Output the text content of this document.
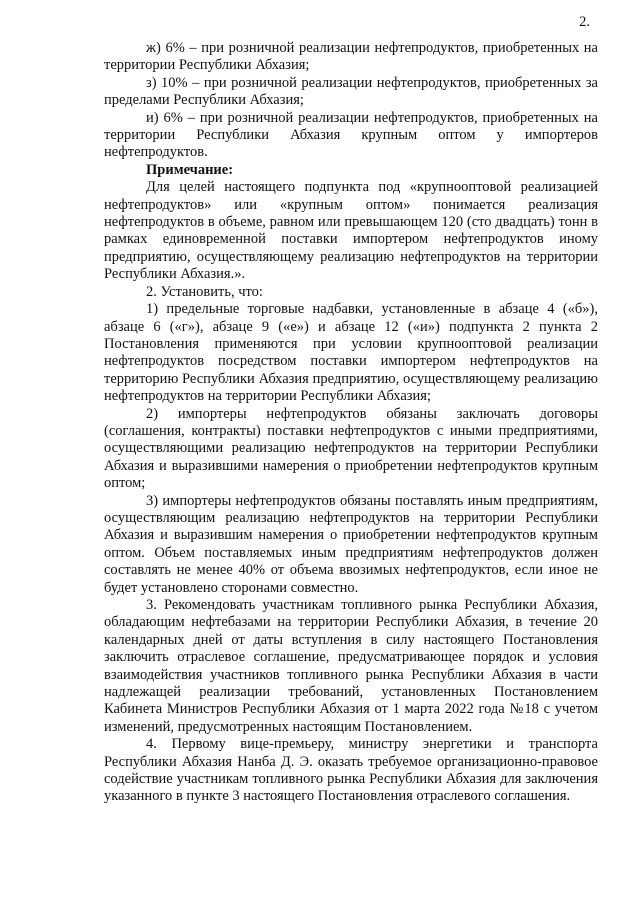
2.

ж) 6% – при розничной реализации нефтепродуктов, приобретенных на территории Республики Абхазия;

з) 10% – при розничной реализации нефтепродуктов, приобретенных за пределами Республики Абхазия;

и) 6% – при розничной реализации нефтепродуктов, приобретенных на территории Республики Абхазия крупным оптом у импортеров нефтепродуктов.

Примечание:

Для целей настоящего подпункта под «крупнооптовой реализацией нефтепродуктов» или «крупным оптом» понимается реализация нефтепродуктов в объеме, равном или превышающем 120 (сто двадцать) тонн в рамках единовременной поставки импортером нефтепродуктов иному предприятию, осуществляющему реализацию нефтепродуктов на территории Республики Абхазия.».

2. Установить, что:

1) предельные торговые надбавки, установленные в абзаце 4 («б»), абзаце 6 («г»), абзаце 9 («е») и абзаце 12 («и») подпункта 2 пункта 2 Постановления применяются при условии крупнооптовой реализации нефтепродуктов посредством поставки импортером нефтепродуктов на территорию Республики Абхазия предприятию, осуществляющему реализацию нефтепродуктов на территории Республики Абхазия;

2) импортеры нефтепродуктов обязаны заключать договоры (соглашения, контракты) поставки нефтепродуктов с иными предприятиями, осуществляющими реализацию нефтепродуктов на территории Республики Абхазия и выразившими намерения о приобретении нефтепродуктов крупным оптом;

3) импортеры нефтепродуктов обязаны поставлять иным предприятиям, осуществляющим реализацию нефтепродуктов на территории Республики Абхазия и выразившим намерения о приобретении нефтепродуктов крупным оптом. Объем поставляемых иным предприятиям нефтепродуктов должен составлять не менее 40% от объема ввозимых нефтепродуктов, если иное не будет установлено сторонами совместно.

3. Рекомендовать участникам топливного рынка Республики Абхазия, обладающим нефтебазами на территории Республики Абхазия, в течение 20 календарных дней от даты вступления в силу настоящего Постановления заключить отраслевое соглашение, предусматривающее порядок и условия взаимодействия участников топливного рынка Республики Абхазия в части надлежащей реализации требований, установленных Постановлением Кабинета Министров Республики Абхазия от 1 марта 2022 года №18 с учетом изменений, предусмотренных настоящим Постановлением.

4. Первому вице-премьеру, министру энергетики и транспорта Республики Абхазия Нанба Д. Э. оказать требуемое организационно-правовое содействие участникам топливного рынка Республики Абхазия для заключения указанного в пункте 3 настоящего Постановления отраслевого соглашения.
